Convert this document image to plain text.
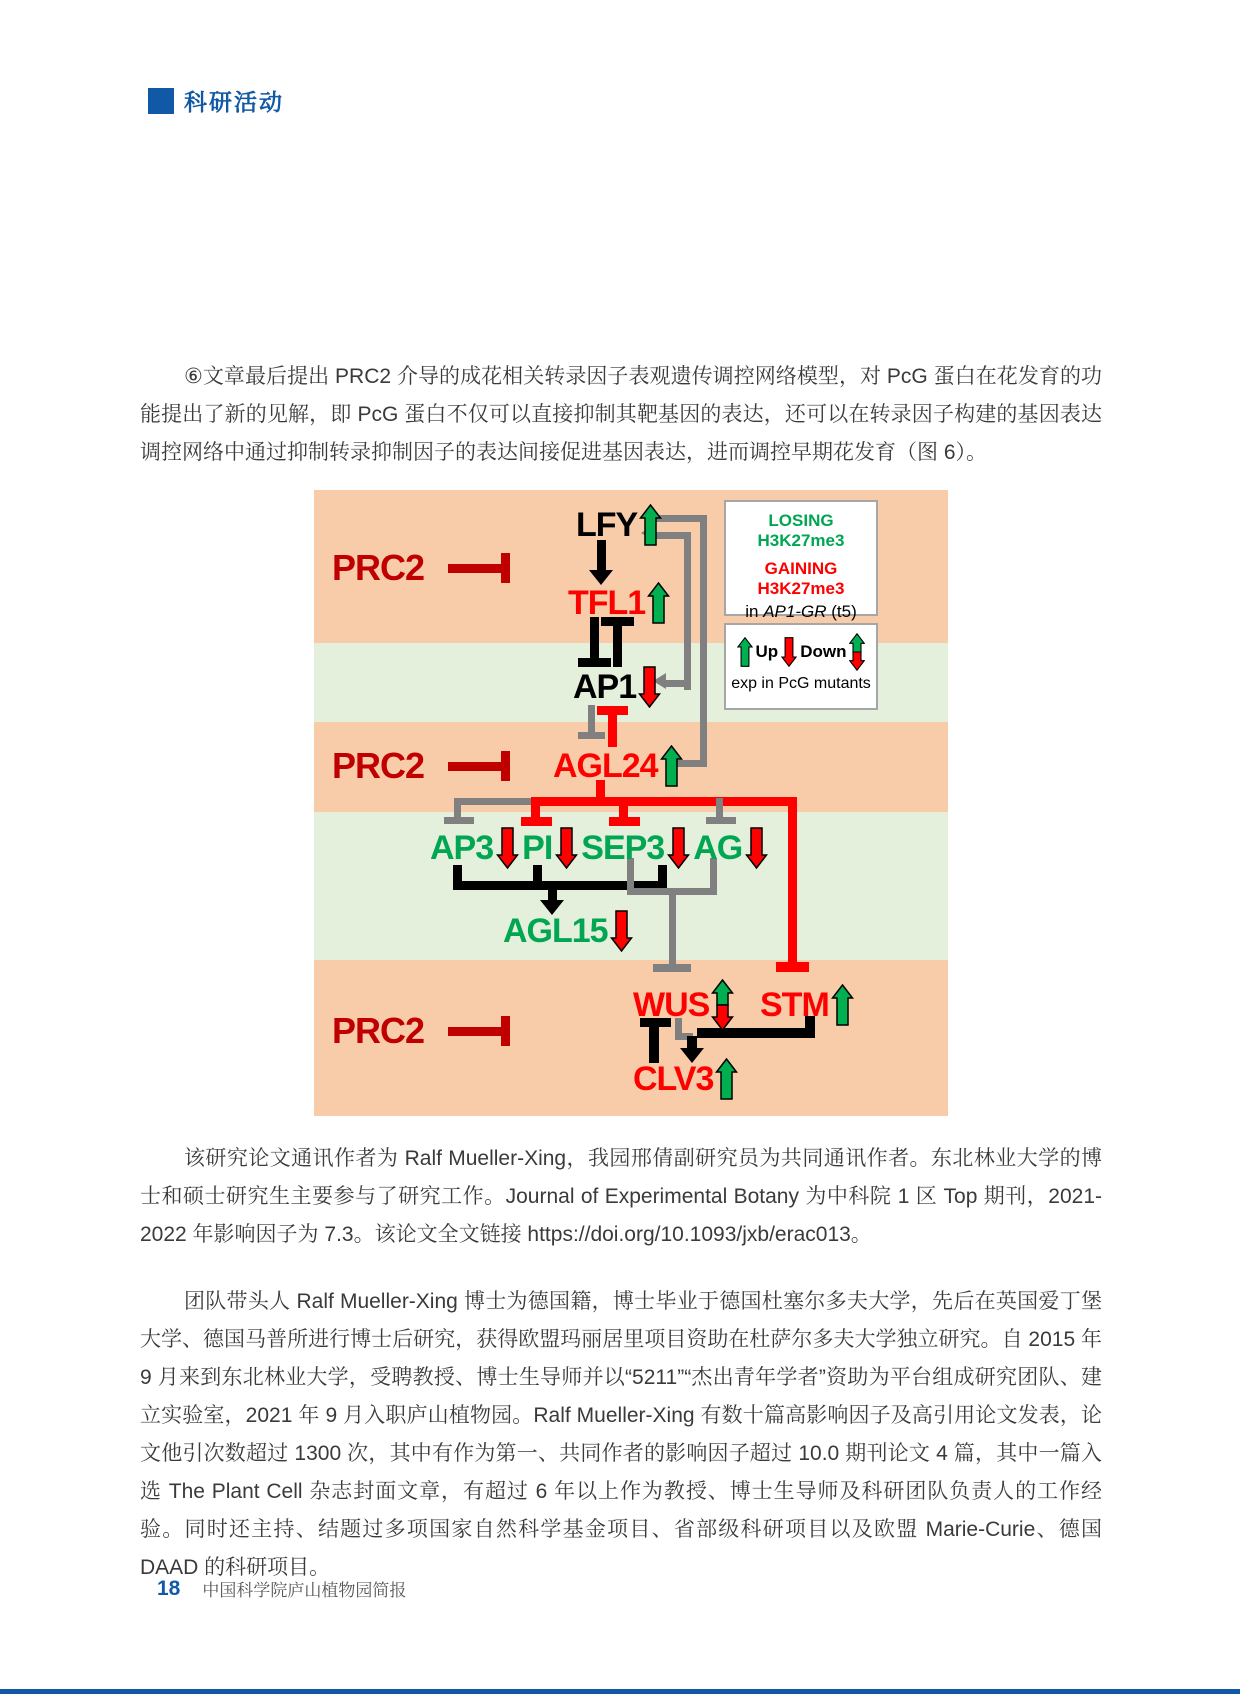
科研活动
⑥文章最后提出 PRC2 介导的成花相关转录因子表观遗传调控网络模型，对 PcG 蛋白在花发育的功能提出了新的见解，即 PcG 蛋白不仅可以直接抑制其靶基因的表达，还可以在转录因子构建的基因表达调控网络中通过抑制转录抑制因子的表达间接促进基因表达，进而调控早期花发育（图 6）。
该研究论文通讯作者为 Ralf Mueller-Xing，我园邢倩副研究员为共同通讯作者。东北林业大学的博士和硕士研究生主要参与了研究工作。Journal of Experimental Botany 为中科院 1 区 Top 期刊，2021-2022 年影响因子为 7.3。该论文全文链接 https://doi.org/10.1093/jxb/erac013。
团队带头人 Ralf Mueller-Xing 博士为德国籍，博士毕业于德国杜塞尔多夫大学，先后在英国爱丁堡大学、德国马普所进行博士后研究，获得欧盟玛丽居里项目资助在杜萨尔多夫大学独立研究。自 2015 年 9 月来到东北林业大学，受聘教授、博士生导师并以“5211”“杰出青年学者”资助为平台组成研究团队、建立实验室，2021 年 9 月入职庐山植物园。Ralf Mueller-Xing 有数十篇高影响因子及高引用论文发表，论文他引次数超过 1300 次，其中有作为第一、共同作者的影响因子超过 10.0 期刊论文 4 篇，其中一篇入选 The Plant Cell 杂志封面文章，有超过 6 年以上作为教授、博士生导师及科研团队负责人的工作经验。同时还主持、结题过多项国家自然科学基金项目、省部级科研项目以及欧盟 Marie-Curie、德国 DAAD 的科研项目。
PRC2
PRC2
PRC2
LFY
TFL1
AP1
AGL24
AP3 PI SEP3 AG
AGL15
WUS STM
CLV3
LOSING H3K27me3
GAINING H3K27me3
in AP1-GR (t5)
Up Down
exp in PcG mutants
18 中国科学院庐山植物园简报
